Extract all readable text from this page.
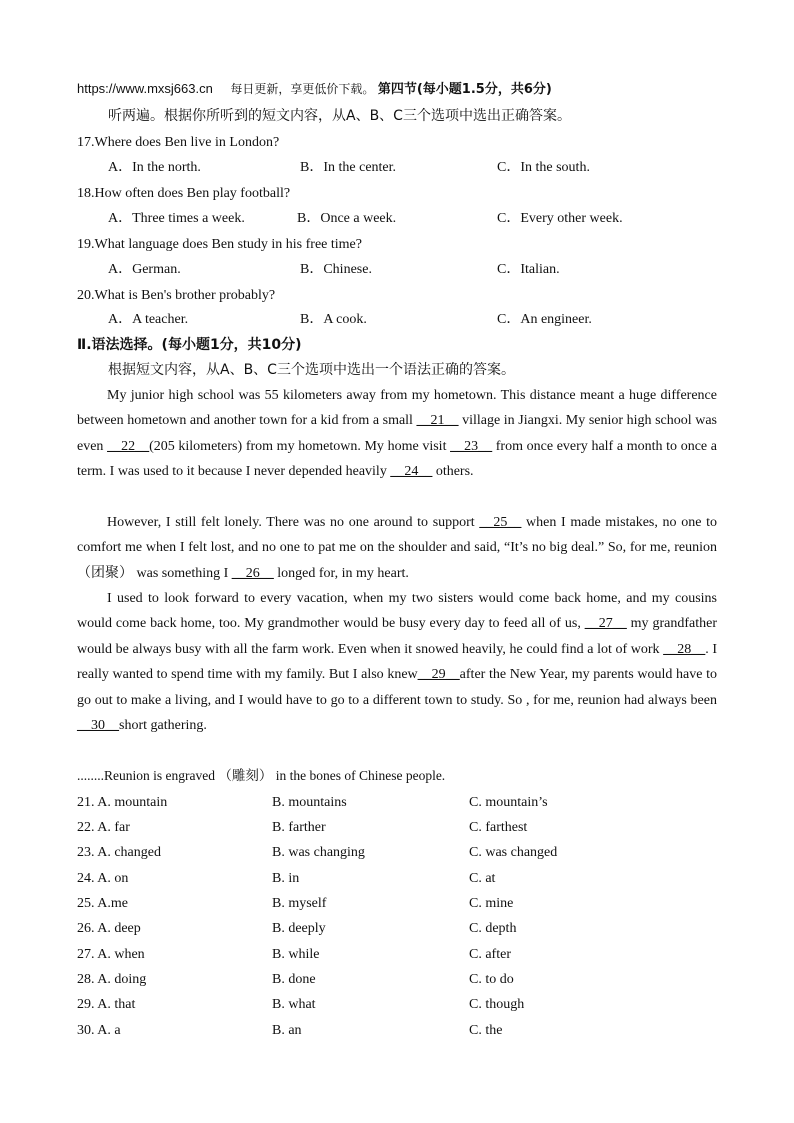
https://www.mxsj663.cn 每日更新，享更低价下载。 第四节(每小题1.5分，共6分)
听两遍。根据你所听到的短文内容，从A、B、C三个选项中选出正确答案。
17.Where does Ben live in London?
A．In the north.	B．In the center.	C．In the south.
18.How often does Ben play football?
A．Three times a week.	B．Once a week.	C．Every other week.
19.What language does Ben study in his free time?
A．German.	B．Chinese.	C．Italian.
20.What is Ben's brother probably?
A．A teacher.	B．A cook.	C．An engineer.
Ⅱ.语法选择。(每小题1分，共10分)
根据短文内容，从A、B、C三个选项中选出一个语法正确的答案。
My junior high school was 55 kilometers away from my hometown. This distance meant a huge difference between hometown and another town for a kid from a small __21__ village in Jiangxi. My senior high school was even __22__(205 kilometers) from my hometown. My home visit __23__ from once every half a month to once a term. I was used to it because I never depended heavily __24__ others.
However, I still felt lonely. There was no one around to support __25__ when I made mistakes, no one to comfort me when I felt lost, and no one to pat me on the shoulder and said, “It’s no big deal.” So, for me, reunion （团聚） was something I __26__ longed for, in my heart.
I used to look forward to every vacation, when my two sisters would come back home, and my cousins would come back home, too. My grandmother would be busy every day to feed all of us, __27__ my grandfather would be always busy with all the farm work. Even when it snowed heavily, he could find a lot of work __28__. I really wanted to spend time with my family. But I also knew__29__after the New Year, my parents would have to go out to make a living, and I would have to go to a different town to study. So , for me, reunion had always been __30__short gathering.
........Reunion is engraved （雕刻） in the bones of Chinese people.
21. A. mountain	B. mountains	C. mountain’s
22. A. far	B. farther	C. farthest
23. A. changed	B. was changing	C. was changed
24. A. on	B. in	C. at
25. A.me	B. myself	C. mine
26. A. deep	B. deeply	C. depth
27. A. when	B. while	C. after
28. A. doing	B. done	C. to do
29. A. that	B. what	C. though
30. A. a	B. an	C. the
